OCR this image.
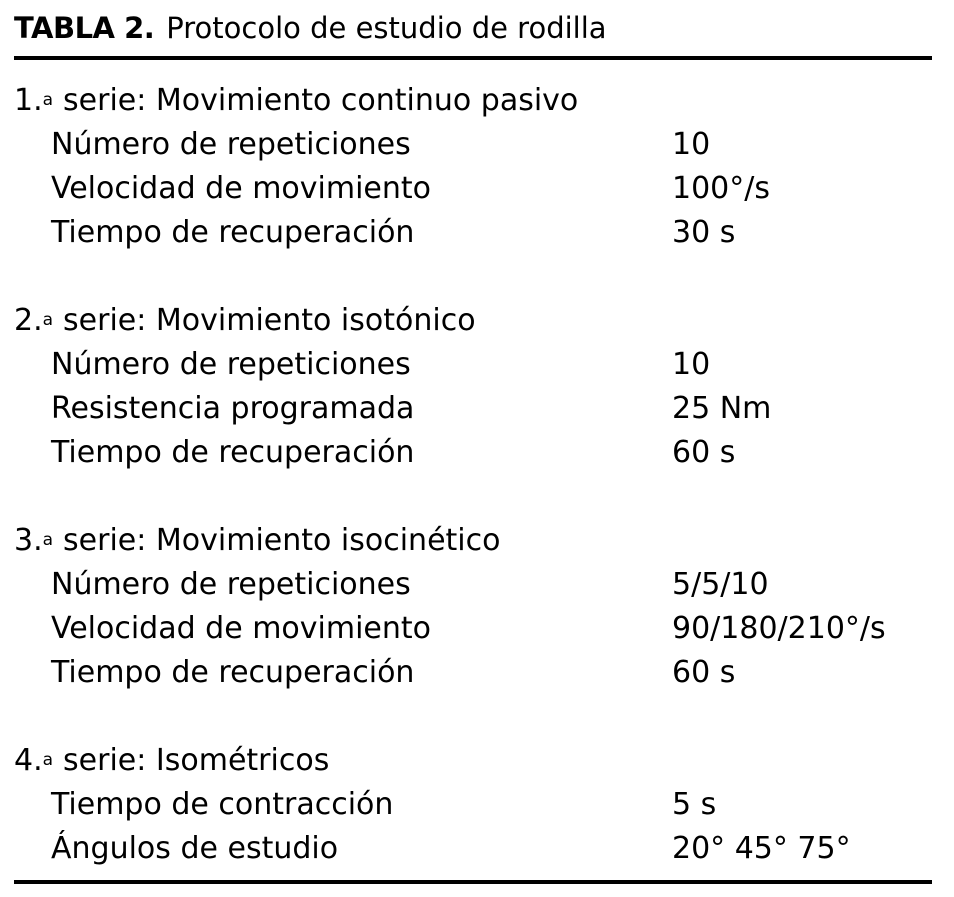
TABLA 2. Protocolo de estudio de rodilla
1. a serie: Movimiento continuo pasivo
Número de repeticiones	10
Velocidad de movimiento	100°/s
Tiempo de recuperación	30 s
2. a serie: Movimiento isotónico
Número de repeticiones	10
Resistencia programada	25 Nm
Tiempo de recuperación	60 s
3. a serie: Movimiento isocinético
Número de repeticiones	5/5/10
Velocidad de movimiento	90/180/210°/s
Tiempo de recuperación	60 s
4. a serie: Isométricos
Tiempo de contracción	5 s
Ángulos de estudio	20° 45° 75°
